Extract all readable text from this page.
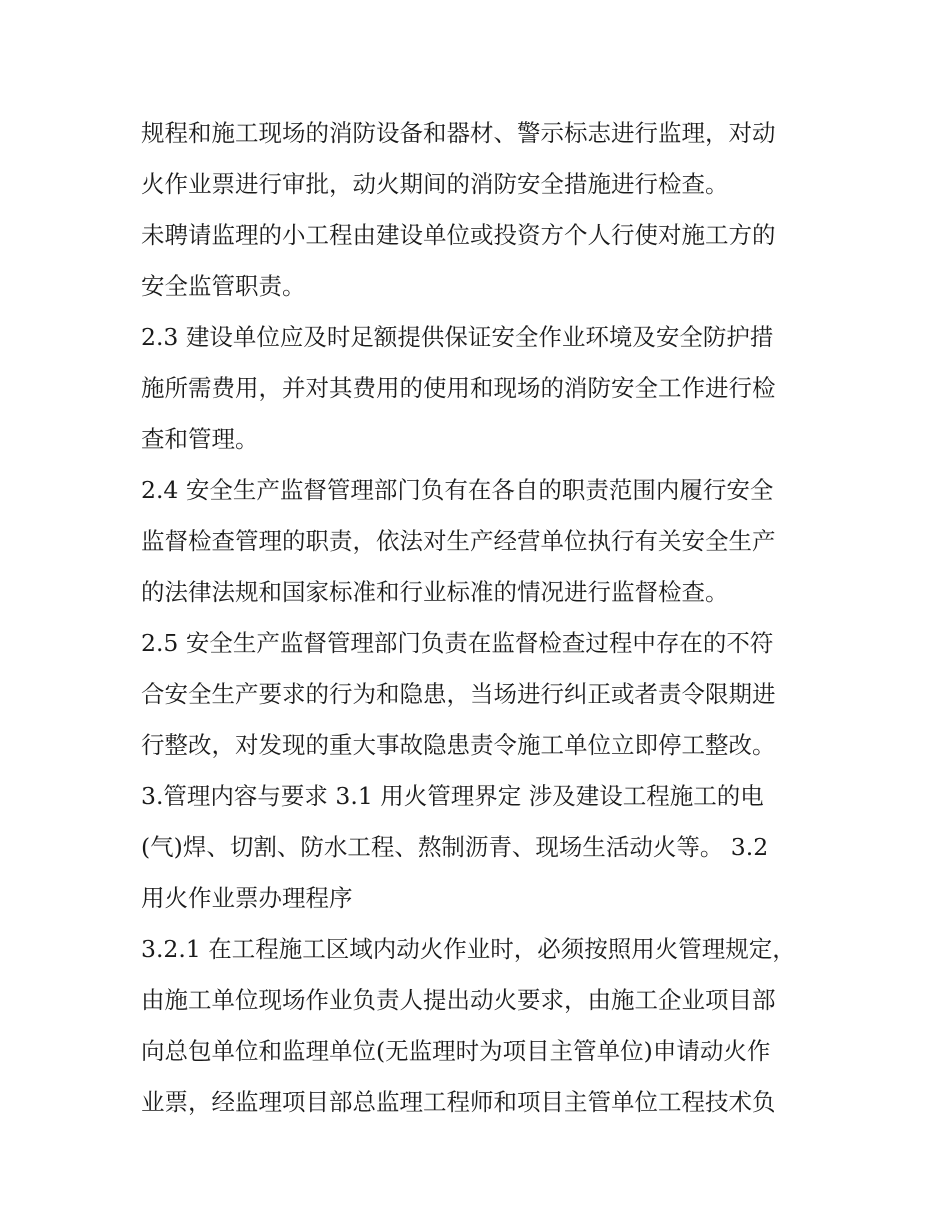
规程和施工现场的消防设备和器材、警示标志进行监理，对动
火作业票进行审批，动火期间的消防安全措施进行检查。
未聘请监理的小工程由建设单位或投资方个人行使对施工方的
安全监管职责。
2.3 建设单位应及时足额提供保证安全作业环境及安全防护措
施所需费用，并对其费用的使用和现场的消防安全工作进行检
查和管理。
2.4 安全生产监督管理部门负有在各自的职责范围内履行安全
监督检查管理的职责，依法对生产经营单位执行有关安全生产
的法律法规和国家标准和行业标准的情况进行监督检查。
2.5 安全生产监督管理部门负责在监督检查过程中存在的不符
合安全生产要求的行为和隐患，当场进行纠正或者责令限期进
行整改，对发现的重大事故隐患责令施工单位立即停工整改。
3.管理内容与要求 3.1 用火管理界定 涉及建设工程施工的电
(气)焊、切割、防水工程、熬制沥青、现场生活动火等。 3.2
用火作业票办理程序
3.2.1 在工程施工区域内动火作业时，必须按照用火管理规定，
由施工单位现场作业负责人提出动火要求，由施工企业项目部
向总包单位和监理单位(无监理时为项目主管单位)申请动火作
业票，经监理项目部总监理工程师和项目主管单位工程技术负
